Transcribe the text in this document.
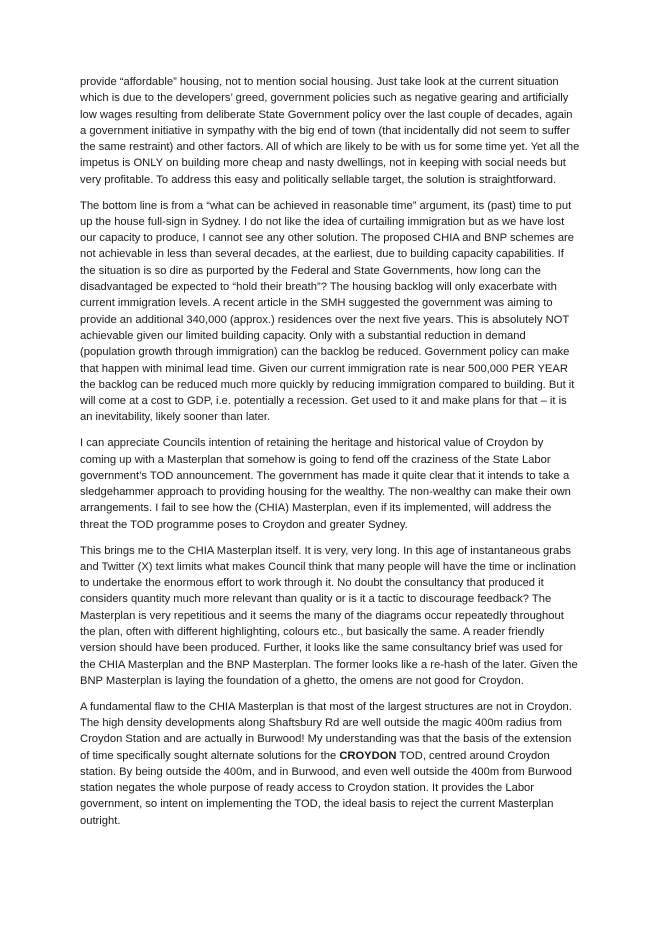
provide “affordable” housing, not to mention social housing. Just take look at the current situation which is due to the developers’ greed, government policies such as negative gearing and artificially low wages resulting from deliberate State Government policy over the last couple of decades, again a government initiative in sympathy with the big end of town (that incidentally did not seem to suffer the same restraint) and other factors. All of which are likely to be with us for some time yet. Yet all the impetus is ONLY on building more cheap and nasty dwellings, not in keeping with social needs but very profitable. To address this easy and politically sellable target, the solution is straightforward.

The bottom line is from a “what can be achieved in reasonable time” argument, its (past) time to put up the house full-sign in Sydney. I do not like the idea of curtailing immigration but as we have lost our capacity to produce, I cannot see any other solution. The proposed CHIA and BNP schemes are not achievable in less than several decades, at the earliest, due to building capacity capabilities. If the situation is so dire as purported by the Federal and State Governments, how long can the disadvantaged be expected to “hold their breath”? The housing backlog will only exacerbate with current immigration levels. A recent article in the SMH suggested the government was aiming to provide an additional 340,000 (approx.) residences over the next five years. This is absolutely NOT achievable given our limited building capacity. Only with a substantial reduction in demand (population growth through immigration) can the backlog be reduced. Government policy can make that happen with minimal lead time. Given our current immigration rate is near 500,000 PER YEAR the backlog can be reduced much more quickly by reducing immigration compared to building. But it will come at a cost to GDP, i.e. potentially a recession. Get used to it and make plans for that – it is an inevitability, likely sooner than later.

I can appreciate Councils intention of retaining the heritage and historical value of Croydon by coming up with a Masterplan that somehow is going to fend off the craziness of the State Labor government’s TOD announcement. The government has made it quite clear that it intends to take a sledgehammer approach to providing housing for the wealthy. The non-wealthy can make their own arrangements. I fail to see how the (CHIA) Masterplan, even if its implemented, will address the threat the TOD programme poses to Croydon and greater Sydney.

This brings me to the CHIA Masterplan itself. It is very, very long. In this age of instantaneous grabs and Twitter (X) text limits what makes Council think that many people will have the time or inclination to undertake the enormous effort to work through it. No doubt the consultancy that produced it considers quantity much more relevant than quality or is it a tactic to discourage feedback? The Masterplan is very repetitious and it seems the many of the diagrams occur repeatedly throughout the plan, often with different highlighting, colours etc., but basically the same. A reader friendly version should have been produced. Further, it looks like the same consultancy brief was used for the CHIA Masterplan and the BNP Masterplan. The former looks like a re-hash of the later. Given the BNP Masterplan is laying the foundation of a ghetto, the omens are not good for Croydon.

A fundamental flaw to the CHIA Masterplan is that most of the largest structures are not in Croydon. The high density developments along Shaftsbury Rd are well outside the magic 400m radius from Croydon Station and are actually in Burwood! My understanding was that the basis of the extension of time specifically sought alternate solutions for the CROYDON TOD, centred around Croydon station. By being outside the 400m, and in Burwood, and even well outside the 400m from Burwood station negates the whole purpose of ready access to Croydon station. It provides the Labor government, so intent on implementing the TOD, the ideal basis to reject the current Masterplan outright.
